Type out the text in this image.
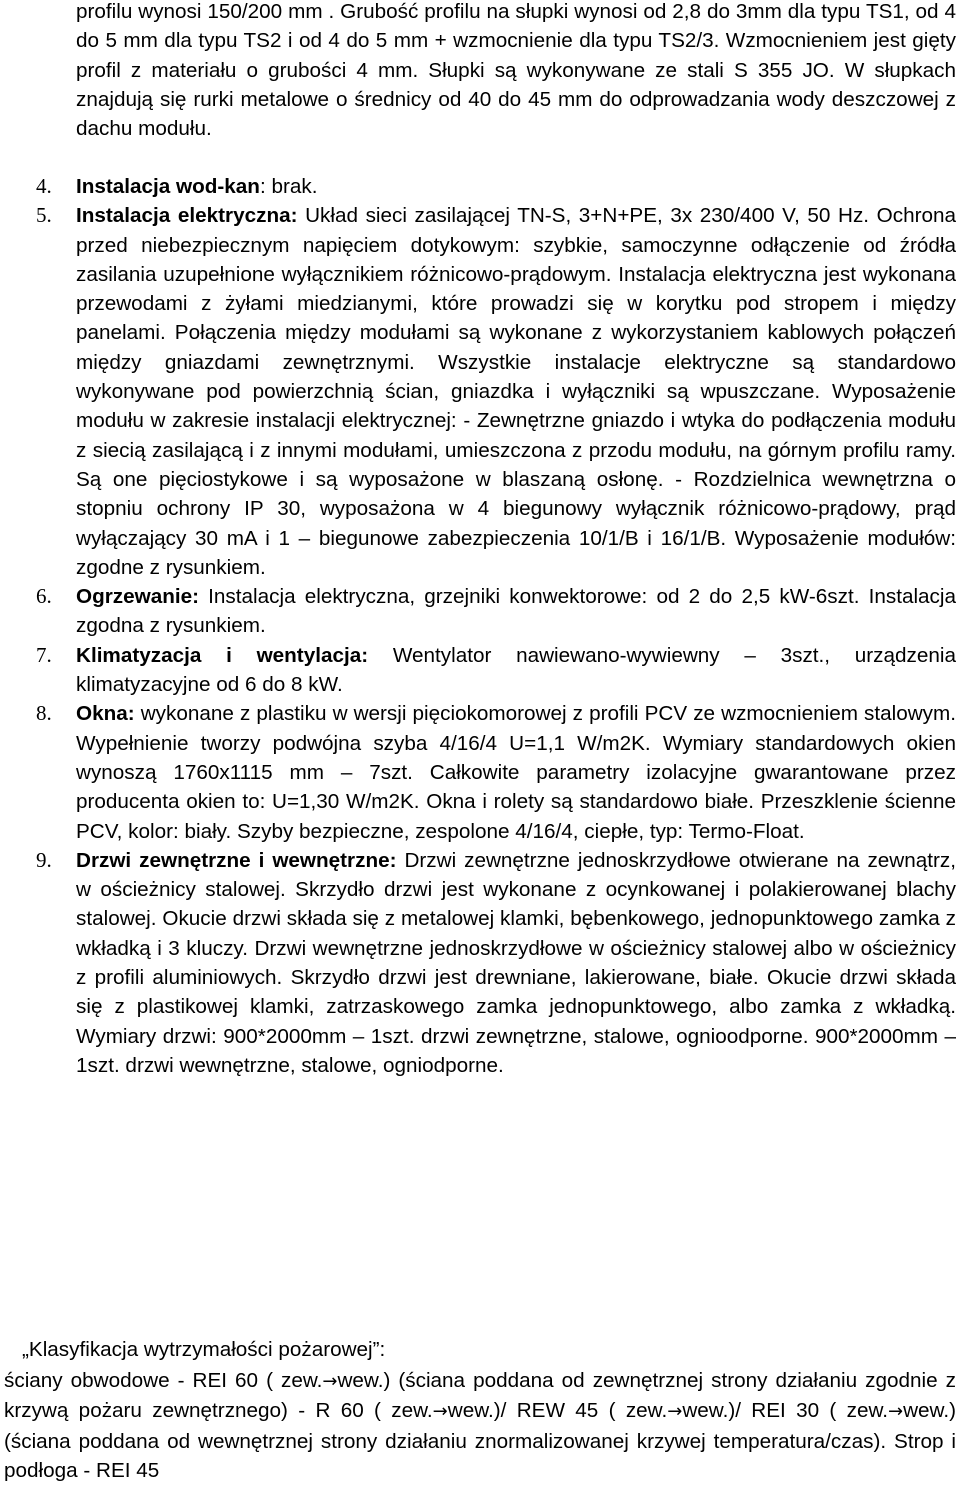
profilu wynosi 150/200 mm . Grubość profilu na słupki wynosi od 2,8 do 3mm dla typu TS1, od 4 do 5 mm dla typu TS2 i od 4 do 5 mm + wzmocnienie dla typu TS2/3. Wzmocnieniem jest gięty profil z materiału o grubości 4 mm. Słupki są wykonywane ze stali S 355 JO. W słupkach znajdują się rurki metalowe o średnicy od 40 do 45 mm do odprowadzania wody deszczowej z dachu modułu.

4. Instalacja wod-kan: brak.

5. Instalacja elektryczna: Układ sieci zasilającej TN-S, 3+N+PE, 3x 230/400 V, 50 Hz. Ochrona przed niebezpiecznym napięciem dotykowym: szybkie, samoczynne odłączenie od źródła zasilania uzupełnione wyłącznikiem różnicowo-prądowym. Instalacja elektryczna jest wykonana przewodami z żyłami miedzianymi, które prowadzi się w korytku pod stropem i między panelami. Połączenia między modułami są wykonane z wykorzystaniem kablowych połączeń między gniazdami zewnętrznymi. Wszystkie instalacje elektryczne są standardowo wykonywane pod powierzchnią ścian, gniazdka i wyłączniki są wpuszczane. Wyposażenie modułu w zakresie instalacji elektrycznej: - Zewnętrzne gniazdo i wtyka do podłączenia modułu z siecią zasilającą i z innymi modułami, umieszczona z przodu modułu, na górnym profilu ramy. Są one pięciostykowe i są wyposażone w blaszaną osłonę. - Rozdzielnica wewnętrzna o stopniu ochrony IP 30, wyposażona w 4 biegunowy wyłącznik różnicowo-prądowy, prąd wyłączający 30 mA i 1 – biegunowe zabezpieczenia 10/1/B i 16/1/B. Wyposażenie modułów: zgodne z rysunkiem.

6. Ogrzewanie: Instalacja elektryczna, grzejniki konwektorowe: od 2 do 2,5 kW-6szt. Instalacja zgodna z rysunkiem.

7. Klimatyzacja i wentylacja: Wentylator nawiewano-wywiewny – 3szt., urządzenia klimatyzacyjne od 6 do 8 kW.

8. Okna: wykonane z plastiku w wersji pięciokomorowej z profili PCV ze wzmocnieniem stalowym. Wypełnienie tworzy podwójna szyba 4/16/4 U=1,1 W/m2K. Wymiary standardowych okien wynoszą 1760x1115 mm – 7szt. Całkowite parametry izolacyjne gwarantowane przez producenta okien to: U=1,30 W/m2K. Okna i rolety są standardowo białe. Przeszklenie ścienne PCV, kolor: biały. Szyby bezpieczne, zespolone 4/16/4, ciepłe, typ: Termo-Float.

9. Drzwi zewnętrzne i wewnętrzne: Drzwi zewnętrzne jednoskrzydłowe otwierane na zewnątrz, w ościeżnicy stalowej. Skrzydło drzwi jest wykonane z ocynkowanej i polakierowanej blachy stalowej. Okucie drzwi składa się z metalowej klamki, bębenkowego, jednopunktowego zamka z wkładką i 3 kluczy. Drzwi wewnętrzne jednoskrzydłowe w ościeżnicy stalowej albo w ościeżnicy z profili aluminiowych. Skrzydło drzwi jest drewniane, lakierowane, białe. Okucie drzwi składa się z plastikowej klamki, zatrzaskowego zamka jednopunktowego, albo zamka z wkładką. Wymiary drzwi: 900*2000mm – 1szt. drzwi zewnętrzne, stalowe, ognioodporne. 900*2000mm – 1szt. drzwi wewnętrzne, stalowe, ogniodporne.

„Klasyfikacja wytrzymałości pożarowej”:

ściany obwodowe - REI 60 ( zew.→wew.) (ściana poddana od zewnętrznej strony działaniu zgodnie z krzywą pożaru zewnętrznego) - R 60 ( zew.→wew.)/ REW 45 ( zew.→wew.)/ REI 30 ( zew.→wew.) (ściana poddana od wewnętrznej strony działaniu znormalizowanej krzywej temperatura/czas). Strop i podłoga - REI 45
